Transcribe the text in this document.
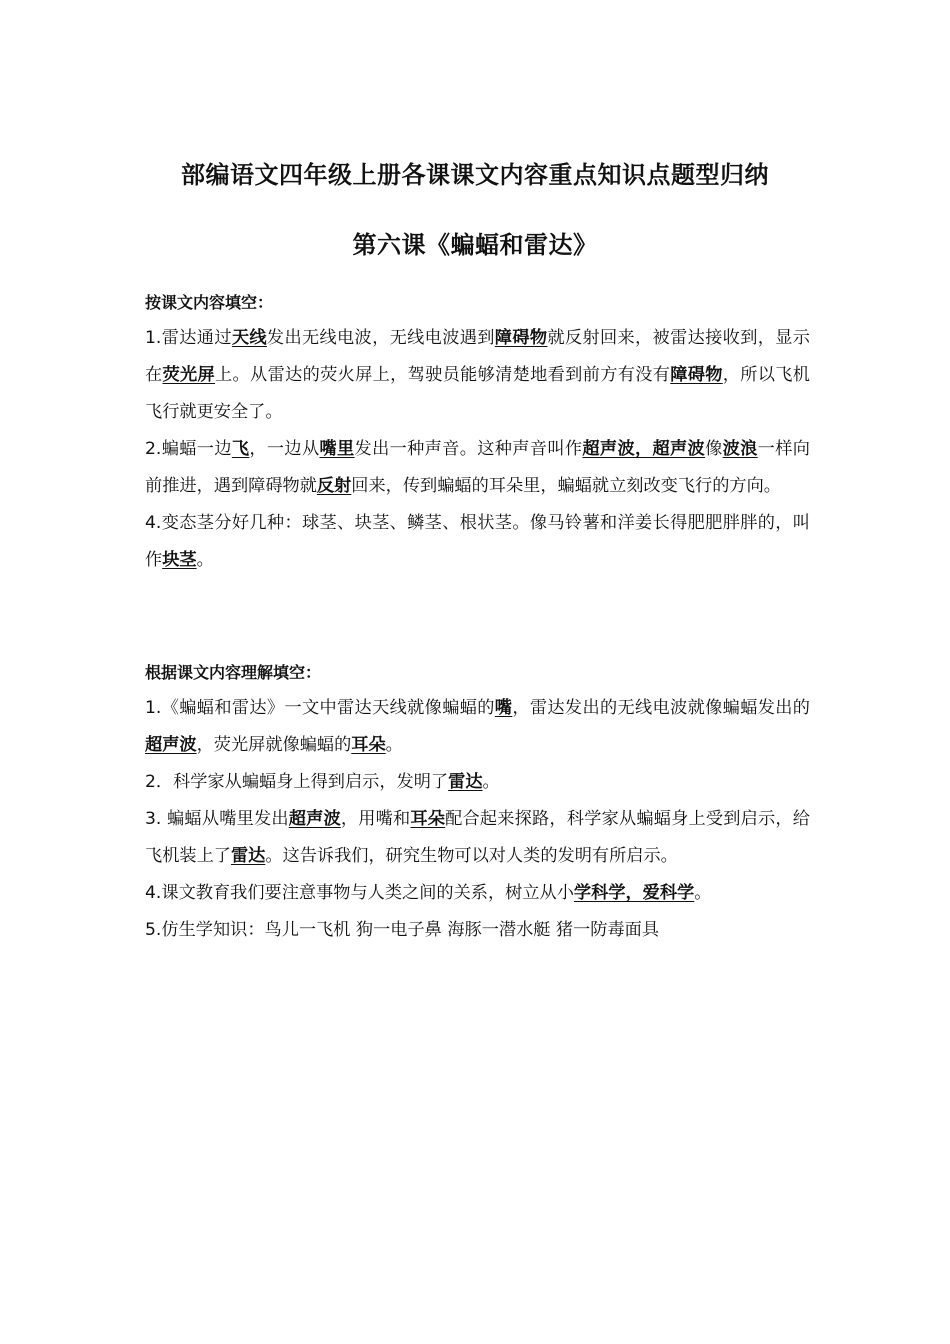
部编语文四年级上册各课课文内容重点知识点题型归纳
第六课《蝙蝠和雷达》

按课文内容填空：

1.雷达通过天线发出无线电波，无线电波遇到障碍物就反射回来，被雷达接收到，显示在荧光屏上。从雷达的荧火屏上，驾驶员能够清楚地看到前方有没有障碍物，所以飞机飞行就更安全了。

2.蝙蝠一边飞，一边从嘴里发出一种声音。这种声音叫作超声波，超声波像波浪一样向前推进，遇到障碍物就反射回来，传到蝙蝠的耳朵里，蝙蝠就立刻改变飞行的方向。

4.变态茎分好几种：球茎、块茎、鳞茎、根状茎。像马铃薯和洋姜长得肥肥胖胖的，叫作块茎。

根据课文内容理解填空：

1.《蝙蝠和雷达》一文中雷达天线就像蝙蝠的嘴，雷达发出的无线电波就像蝙蝠发出的超声波，荧光屏就像蝙蝠的耳朵。

2．科学家从蝙蝠身上得到启示，发明了雷达。

3. 蝙蝠从嘴里发出超声波，用嘴和耳朵配合起来探路，科学家从蝙蝠身上受到启示，给飞机装上了雷达。这告诉我们，研究生物可以对人类的发明有所启示。

4.课文教育我们要注意事物与人类之间的关系，树立从小学科学，爱科学。

5.仿生学知识：鸟儿一飞机 狗一电子鼻 海豚一潜水艇 猪一防毒面具
